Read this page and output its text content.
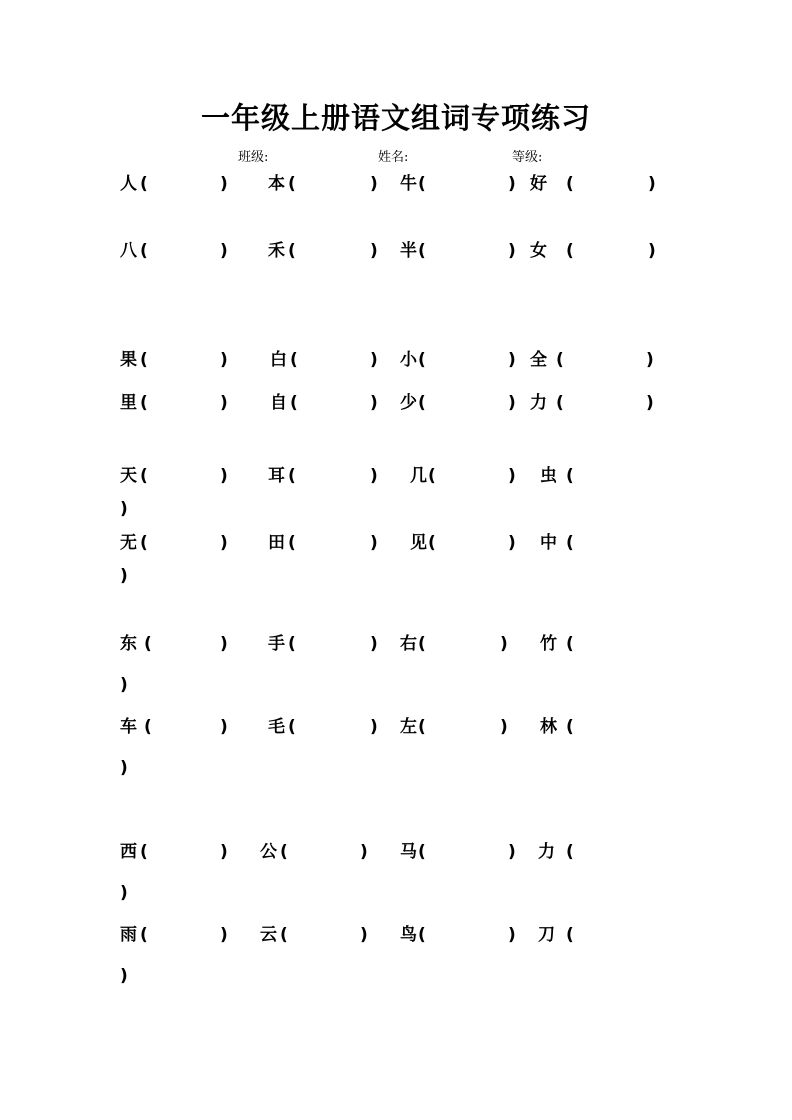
一年级上册语文组词专项练习
班级:	姓名:	等级:
人 (	) 本 (	) 牛 (	) 好 (	)
八 (	) 禾 (	) 半 (	) 女 (	)
果 (	) 白 (	) 小 (	) 全 (	)
里 (	) 自 (	) 少 (	) 力 (	)
天 (	) 耳 (	) 几 (	) 虫 (
)
无 (	) 田 (	) 见 (	) 中 (
)
东 (	) 手 (	) 右 (	) 竹 (
)
车 (	) 毛 (	) 左 (	) 林 (
)
西 (	) 公 (	) 马 (	) 力 (
)
雨 (	) 云 (	) 鸟 (	) 刀 (
)
